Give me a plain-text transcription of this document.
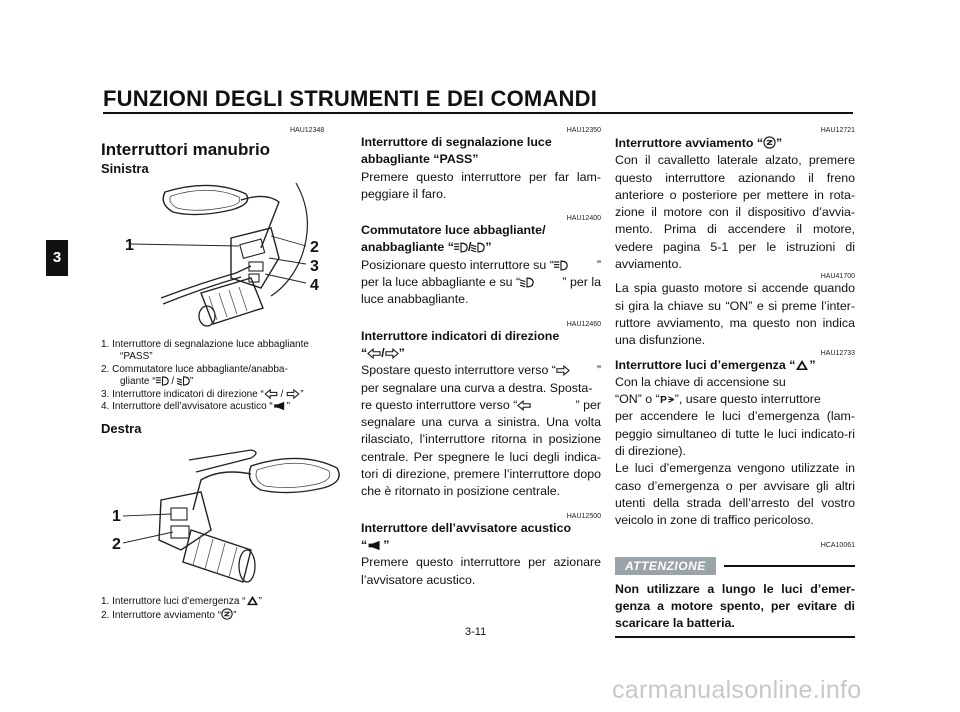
FUNZIONI DEGLI STRUMENTI E DEI COMANDI
3
HAU12348
Interruttori manubrio
Sinistra
1	2
3
4
1. Interruttore di segnalazione luce abbagliante
“PASS”
2. Commutatore luce abbagliante/anabba-
gliante “ / ”
3. Interruttore indicatori di direzione “ / ”
4. Interruttore dell’avvisatore acustico “ ”
Destra
1
2
1. Interruttore luci d’emergenza “ ”
2. Interruttore avviamento “ ”
HAU12350
Interruttore di segnalazione luce
abbagliante “PASS”
Premere questo interruttore per far lam-peggiare il faro.
HAU12400
Commutatore luce abbagliante/
anabbagliante “ / ”
Posizionare questo interruttore su “	”
per la luce abbagliante e su “	” per la
luce anabbagliante.
HAU12460
Interruttore indicatori di direzione
“ / ”
Spostare questo interruttore verso “	”
per segnalare una curva a destra. Sposta-
re questo interruttore verso “	” per
segnalare una curva a sinistra. Una volta rilasciato, l’interruttore ritorna in posizione centrale. Per spegnere le luci degli indica-tori di direzione, premere l’interruttore dopo che è ritornato in posizione centrale.
HAU12500
Interruttore dell’avvisatore acustico
“ ”
Premere questo interruttore per azionare l’avvisatore acustico.
HAU12721
Interruttore avviamento “ ”
Con il cavalletto laterale alzato, premere questo interruttore azionando il freno anteriore o posteriore per mettere in rota-zione il motore con il dispositivo d’avvia-mento. Prima di accendere il motore, vedere pagina 5-1 per le istruzioni di avviamento.
HAU41700
La spia guasto motore si accende quando si gira la chiave su “ON” e si preme l’inter-ruttore avviamento, ma questo non indica una disfunzione.
HAU12733
Interruttore luci d’emergenza “ ”
Con la chiave di accensione su
“ON” o “ ”, usare questo interruttore
per accendere le luci d’emergenza (lam-peggio simultaneo di tutte le luci indicato-ri di direzione).
Le luci d’emergenza vengono utilizzate in caso d’emergenza o per avvisare gli altri utenti della strada dell’arresto del vostro veicolo in zone di traffico pericoloso.
HCA10061
ATTENZIONE
Non utilizzare a lungo le luci d’emer-genza a motore spento, per evitare di scaricare la batteria.
3-11
carmanualsonline.info
